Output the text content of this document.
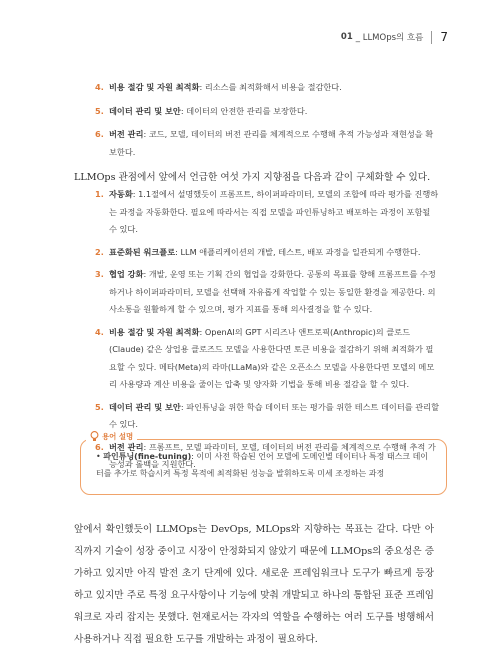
01 _ LLMOps의 흐름 7
4. 비용 절감 및 자원 최적화: 리소스를 최적화해서 비용을 절감한다.
5. 데이터 관리 및 보안: 데이터의 안전한 관리를 보장한다.
6. 버전 관리: 코드, 모델, 데이터의 버전 관리를 체계적으로 수행해 추적 가능성과 재현성을 확보한다.

LLMOps 관점에서 앞에서 언급한 여섯 가지 지향점을 다음과 같이 구체화할 수 있다.

1. 자동화: 1.1절에서 설명했듯이 프롬프트, 하이퍼파라미터, 모델의 조합에 따라 평가를 진행하는 과정을 자동화한다. 필요에 따라서는 직접 모델을 파인튜닝하고 배포하는 과정이 포함될 수 있다.
2. 표준화된 워크플로: LLM 애플리케이션의 개발, 테스트, 배포 과정을 일관되게 수행한다.
3. 협업 강화: 개발, 운영 또는 기획 간의 협업을 강화한다. 공통의 목표를 향해 프롬프트를 수정하거나 하이퍼파라미터, 모델을 선택해 자유롭게 작업할 수 있는 동일한 환경을 제공한다. 의사소통을 원활하게 할 수 있으며, 평가 지표를 통해 의사결정을 할 수 있다.
4. 비용 절감 및 자원 최적화: OpenAI의 GPT 시리즈나 앤트로픽(Anthropic)의 클로드(Claude) 같은 상업용 클로즈드 모델을 사용한다면 토큰 비용을 절감하기 위해 최적화가 필요할 수 있다. 메타(Meta)의 라마(LLaMa)와 같은 오픈소스 모델을 사용한다면 모델의 메모리 사용량과 계산 비용을 줄이는 압축 및 양자화 기법을 통해 비용 절감을 할 수 있다.
5. 데이터 관리 및 보안: 파인튜닝을 위한 학습 데이터 또는 평가를 위한 테스트 데이터를 관리할 수 있다.
6. 버전 관리: 프롬프트, 모델 파라미터, 모델, 데이터의 버전 관리를 체계적으로 수행해 추적 가능성과 롤백을 지원한다.
용어 설명
• 파인튜닝(fine-tuning): 이미 사전 학습된 언어 모델에 도메인별 데이터나 특정 태스크 데이터를 추가로 학습시켜 특정 목적에 최적화된 성능을 발휘하도록 미세 조정하는 과정

앞에서 확인했듯이 LLMOps는 DevOps, MLOps와 지향하는 목표는 같다. 다만 아직까지 기술이 성장 중이고 시장이 안정화되지 않았기 때문에 LLMOps의 중요성은 증가하고 있지만 아직 발전 초기 단계에 있다. 새로운 프레임워크나 도구가 빠르게 등장하고 있지만 주로 특정 요구사항이나 기능에 맞춰 개발되고 하나의 통합된 표준 프레임워크로 자리 잡지는 못했다. 현재로서는 각자의 역할을 수행하는 여러 도구를 병행해서 사용하거나 직접 필요한 도구를 개발하는 과정이 필요하다.
